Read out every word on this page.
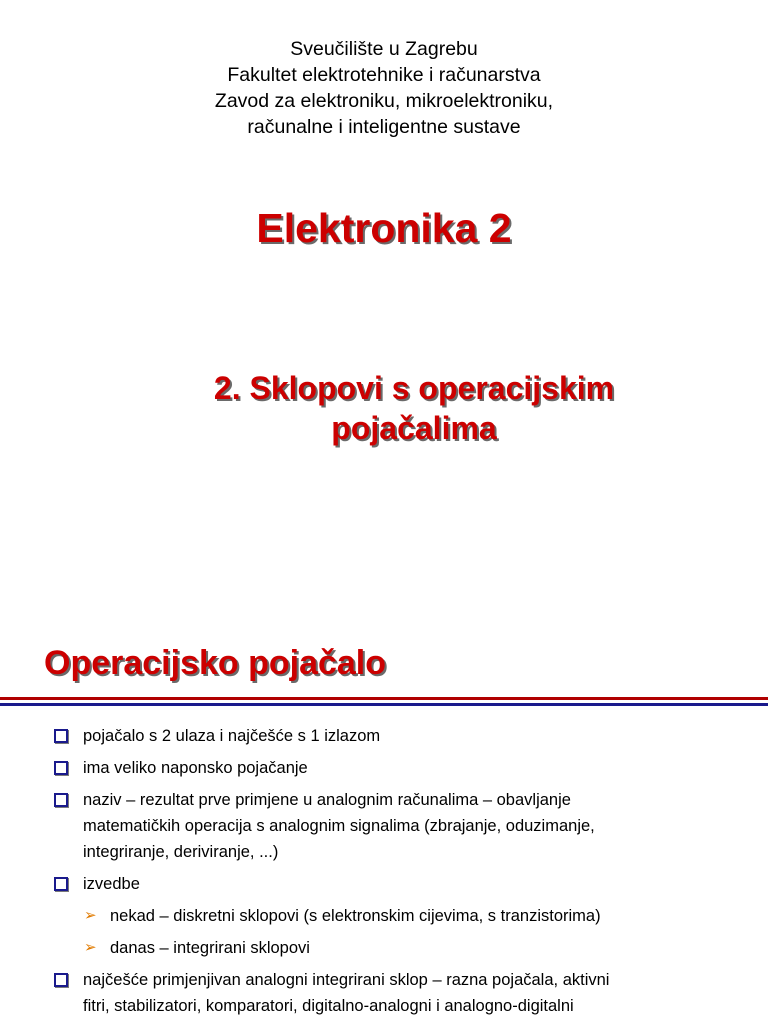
Sveučilište u Zagrebu
Fakultet elektrotehnike i računarstva
Zavod za elektroniku, mikroelektroniku,
računalne i inteligentne sustave
Elektronika 2
2. Sklopovi s operacijskim
pojačalima
Operacijsko pojačalo
pojačalo s 2 ulaza i najčešće s 1 izlazom
ima veliko naponsko pojačanje
naziv – rezultat prve primjene u analognim računalima – obavljanje
matematičkih operacija s analognim signalima (zbrajanje, oduzimanje,
integriranje, deriviranje, ...)
izvedbe
➢ nekad – diskretni sklopovi (s elektronskim cijevima, s tranzistorima)
➢ danas – integrirani sklopovi
najčešće primjenjivan analogni integrirani sklop – razna pojačala, aktivni
fitri, stabilizatori, komparatori, digitalno-analogni i analogno-digitalni
